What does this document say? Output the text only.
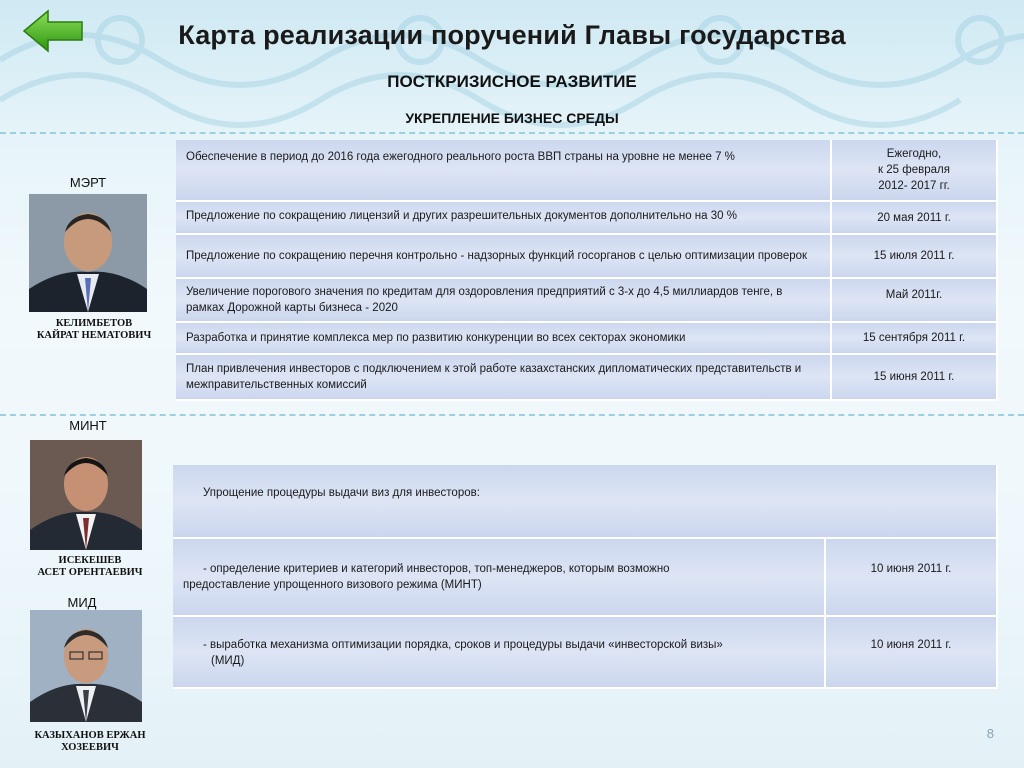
Карта реализации поручений Главы государства
ПОСТКРИЗИСНОЕ РАЗВИТИЕ
УКРЕПЛЕНИЕ БИЗНЕС СРЕДЫ
МЭРТ
КЕЛИМБЕТОВ
КАЙРАТ НЕМАТОВИЧ
МИНТ
ИСЕКЕШЕВ
АСЕТ ОРЕНТАЕВИЧ
МИД
КАЗЫХАНОВ ЕРЖАН
ХОЗЕЕВИЧ
Обеспечение в период до 2016 года ежегодного реального роста ВВП страны на уровне не менее 7 %	Ежегодно,
к 25 февраля
2012- 2017 гг.

Предложение по сокращению лицензий и других разрешительных документов дополнительно на 30 %	20 мая 2011 г.
Предложение по сокращению перечня контрольно - надзорных функций госорганов с целью оптимизации проверок	15 июля 2011 г.
Увеличение порогового значения по кредитам для оздоровления предприятий с 3-х до 4,5 миллиардов тенге, в рамках Дорожной карты бизнеса - 2020	Май 2011г.
Разработка и принятие комплекса мер по развитию конкуренции во всех секторах экономики	15 сентября 2011 г.
План привлечения инвесторов с подключением к этой работе казахстанских дипломатических представительств и межправительственных комиссий	15 июня 2011 г.
Упрощение процедуры выдачи виз для инвесторов:	

- определение критериев и категорий инвесторов, топ-менеджеров, которым возможно
предоставление упрощенного визового режима (МИНТ)	10 июня 2011 г.

- выработка механизма оптимизации порядка, сроков и процедуры выдачи «инвесторской визы»
(МИД)	10 июня 2011 г.
8
